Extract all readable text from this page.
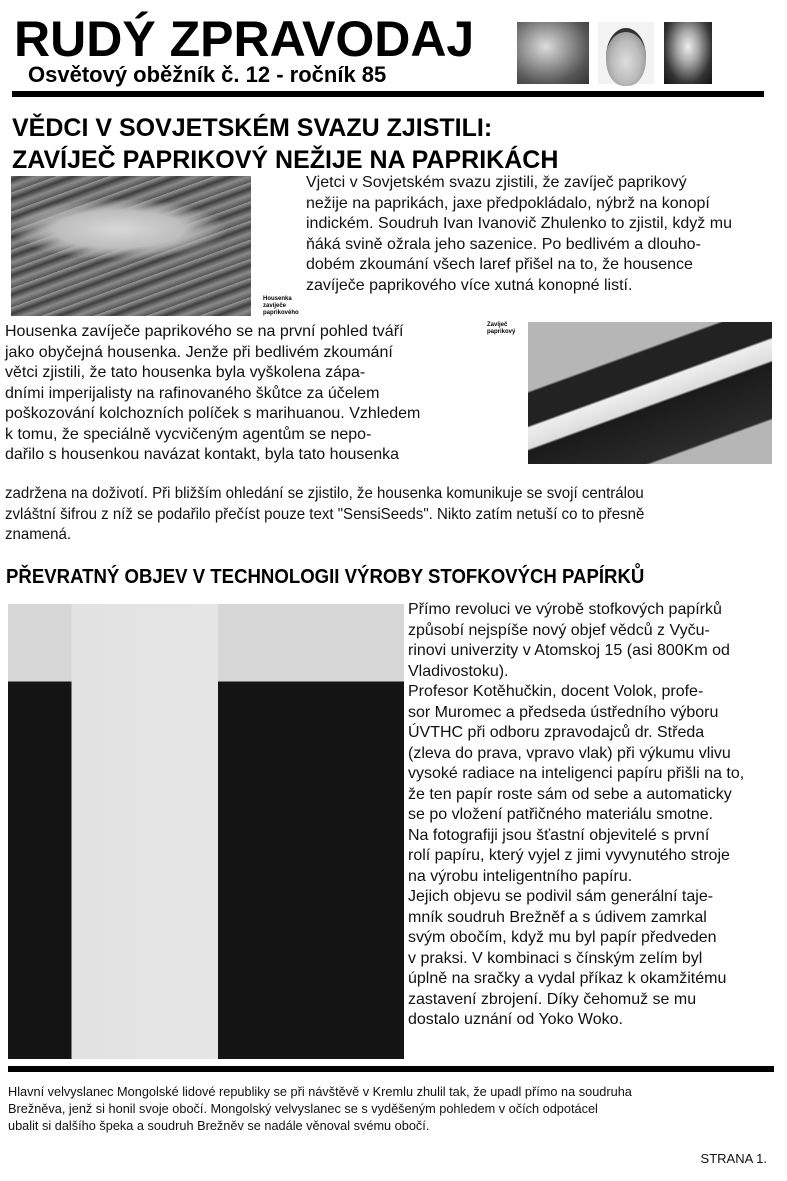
RUDÝ ZPRAVODAJ
Osvětový oběžník č. 12 - ročník 85
VĚDCI V SOVJETSKÉM SVAZU ZJISTILI:
ZAVÍJEČ PAPRIKOVÝ NEŽIJE NA PAPRIKÁCH
Housenka zavíječe paprikového
Vjetci v Sovjetském svazu zjistili, že zavíječ paprikový
nežije na paprikách, jaxe předpokládalo, nýbrž na konopí
indickém. Soudruh Ivan Ivanovič Zhulenko to zjistil, když mu
ňáká svině ožrala jeho sazenice. Po bedlivém a dlouho-
dobém zkoumání všech laref přišel na to, že housence
zavíječe paprikového více xutná konopné listí.
Housenka zavíječe paprikového se na první pohled tváří
jako obyčejná housenka. Jenže při bedlivém zkoumání
větci zjistili, že tato housenka byla vyškolena zápa-
dními imperijalisty na rafinovaného škůtce za účelem
poškozování kolchozních políček s marihuanou. Vzhledem
k tomu, že speciálně vycvičeným agentům se nepo-
dařilo s housenkou navázat kontakt, byla tato housenka
Zavíječ paprikový
zadržena na doživotí. Při bližším ohledání se zjistilo, že housenka komunikuje se svojí centrálou
zvláštní šifrou z níž se podařilo přečíst pouze text "SensiSeeds". Nikto zatím netuší co to přesně
znamená.
PŘEVRATNÝ OBJEV V TECHNOLOGII VÝROBY STOFKOVÝCH PAPÍRKŮ
Přímo revoluci ve výrobě stofkových papírků
způsobí nejspíše nový objef vědců z Vyču-
rinovi univerzity v Atomskoj 15 (asi 800Km od
Vladivostoku).
Profesor Kotěhučkin, docent Volok, profe-
sor Muromec a předseda ústředního výboru
ÚVTHC při odboru zpravodajců dr. Středa
(zleva do prava, vpravo vlak) při výkumu vlivu
vysoké radiace na inteligenci papíru přišli na to,
že ten papír roste sám od sebe a automaticky
se po vložení patřičného materiálu smotne.
Na fotografiji jsou šťastní objevitelé s první
rolí papíru, který vyjel z jimi vyvynutého stroje
na výrobu inteligentního papíru.
Jejich objevu se podivil sám generální taje-
mník soudruh Brežněf a s údivem zamrkal
svým obočím, když mu byl papír předveden
v praksi. V kombinaci s čínským zelím byl
úplně na sračky a vydal příkaz k okamžitému
zastavení zbrojení. Díky čehomuž se mu
dostalo uznání od Yoko Woko.
Hlavní velvyslanec Mongolské lidové republiky se při návštěvě v Kremlu zhulil tak, že upadl přímo na soudruha
Brežněva, jenž si honil svoje obočí. Mongolský velvyslanec se s vyděšeným pohledem v očích odpotácel
ubalit si dalšího špeka a soudruh Brežněv se nadále věnoval svému obočí.
STRANA 1.
